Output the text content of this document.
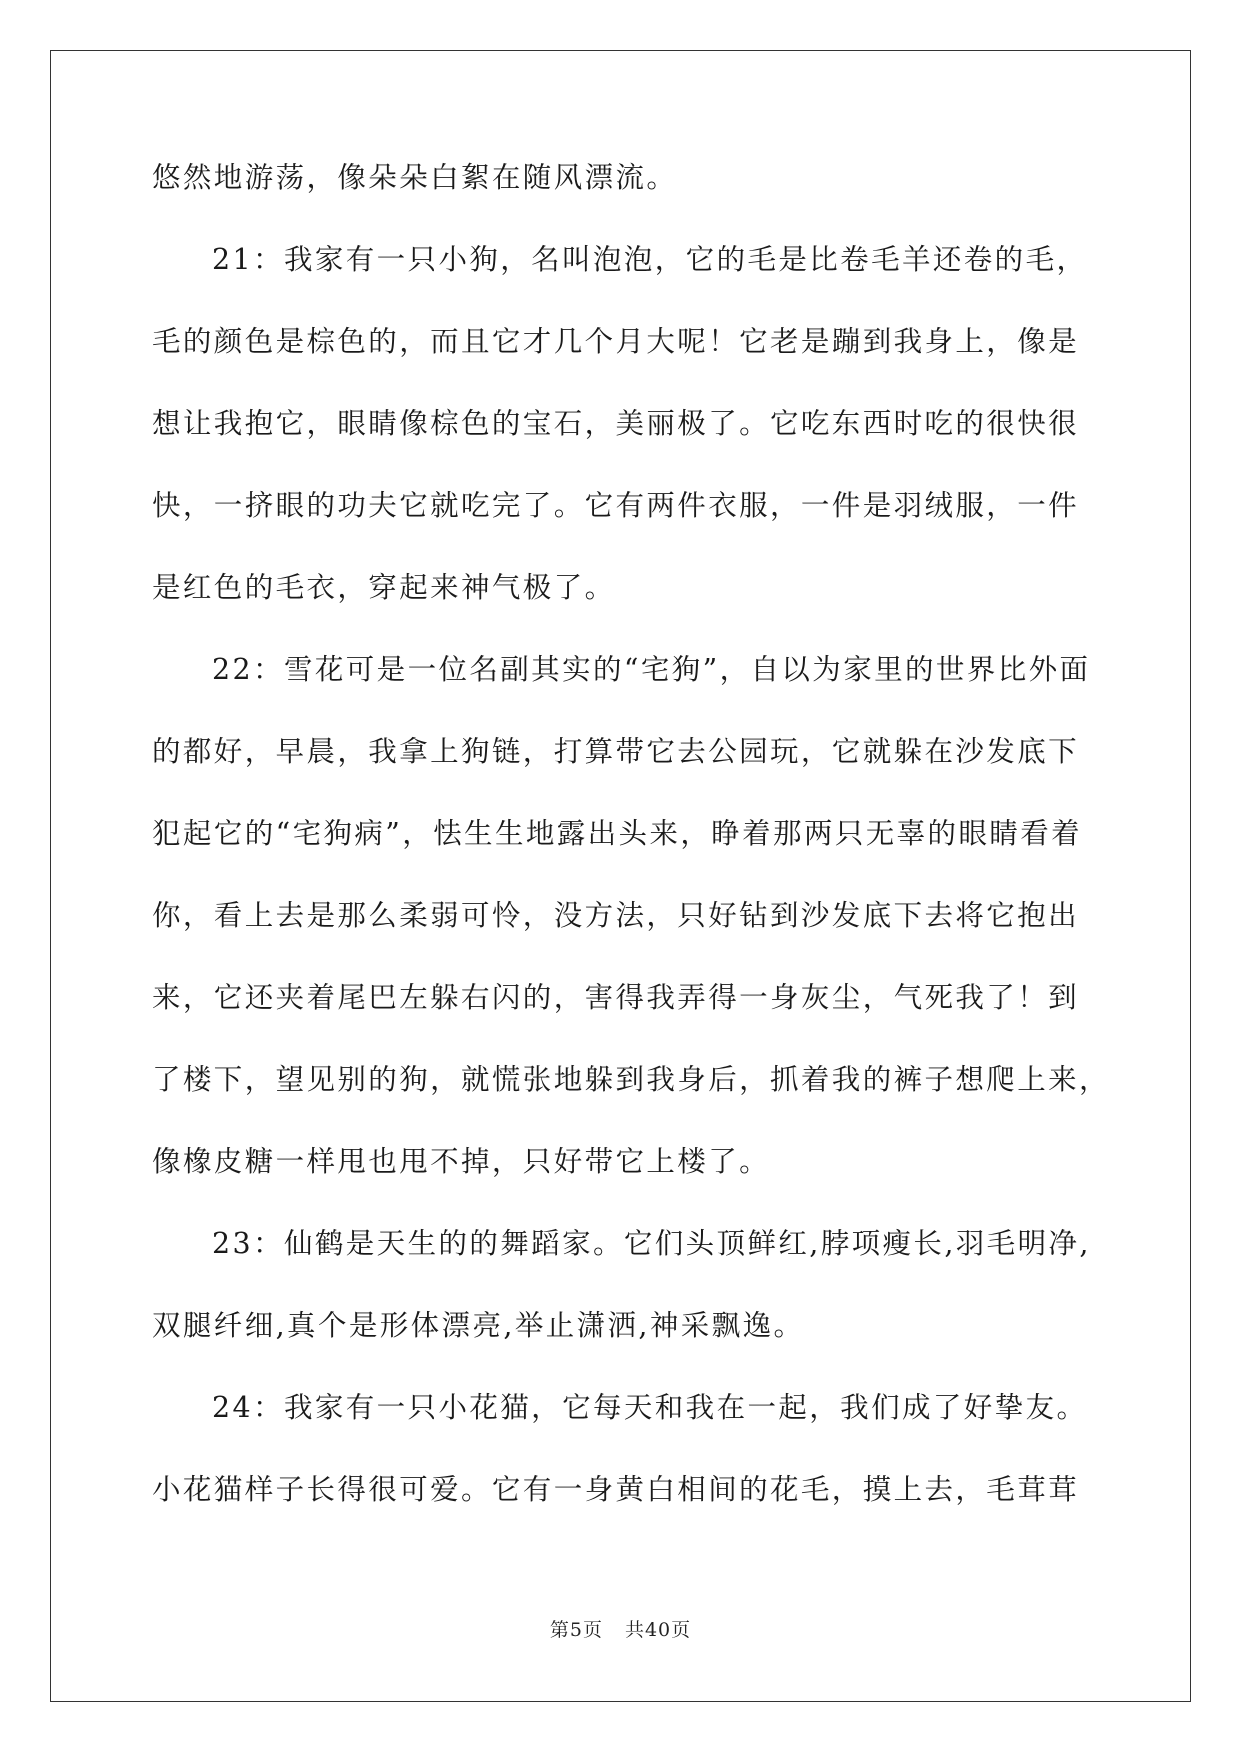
悠然地游荡，像朵朵白絮在随风漂流。
21：我家有一只小狗，名叫泡泡，它的毛是比卷毛羊还卷的毛，
毛的颜色是棕色的，而且它才几个月大呢！它老是蹦到我身上，像是
想让我抱它，眼睛像棕色的宝石，美丽极了。它吃东西时吃的很快很
快，一挤眼的功夫它就吃完了。它有两件衣服，一件是羽绒服，一件
是红色的毛衣，穿起来神气极了。
22：雪花可是一位名副其实的“宅狗”，自以为家里的世界比外面
的都好，早晨，我拿上狗链，打算带它去公园玩，它就躲在沙发底下
犯起它的“宅狗病”，怯生生地露出头来，睁着那两只无辜的眼睛看着
你，看上去是那么柔弱可怜，没方法，只好钻到沙发底下去将它抱出
来，它还夹着尾巴左躲右闪的，害得我弄得一身灰尘，气死我了！到
了楼下，望见别的狗，就慌张地躲到我身后，抓着我的裤子想爬上来，
像橡皮糖一样甩也甩不掉，只好带它上楼了。
23：仙鹤是天生的的舞蹈家。它们头顶鲜红,脖项瘦长,羽毛明净,
双腿纤细,真个是形体漂亮,举止潇洒,神采飘逸。
24：我家有一只小花猫，它每天和我在一起，我们成了好挚友。
小花猫样子长得很可爱。它有一身黄白相间的花毛，摸上去，毛茸茸
第5页 共40页
